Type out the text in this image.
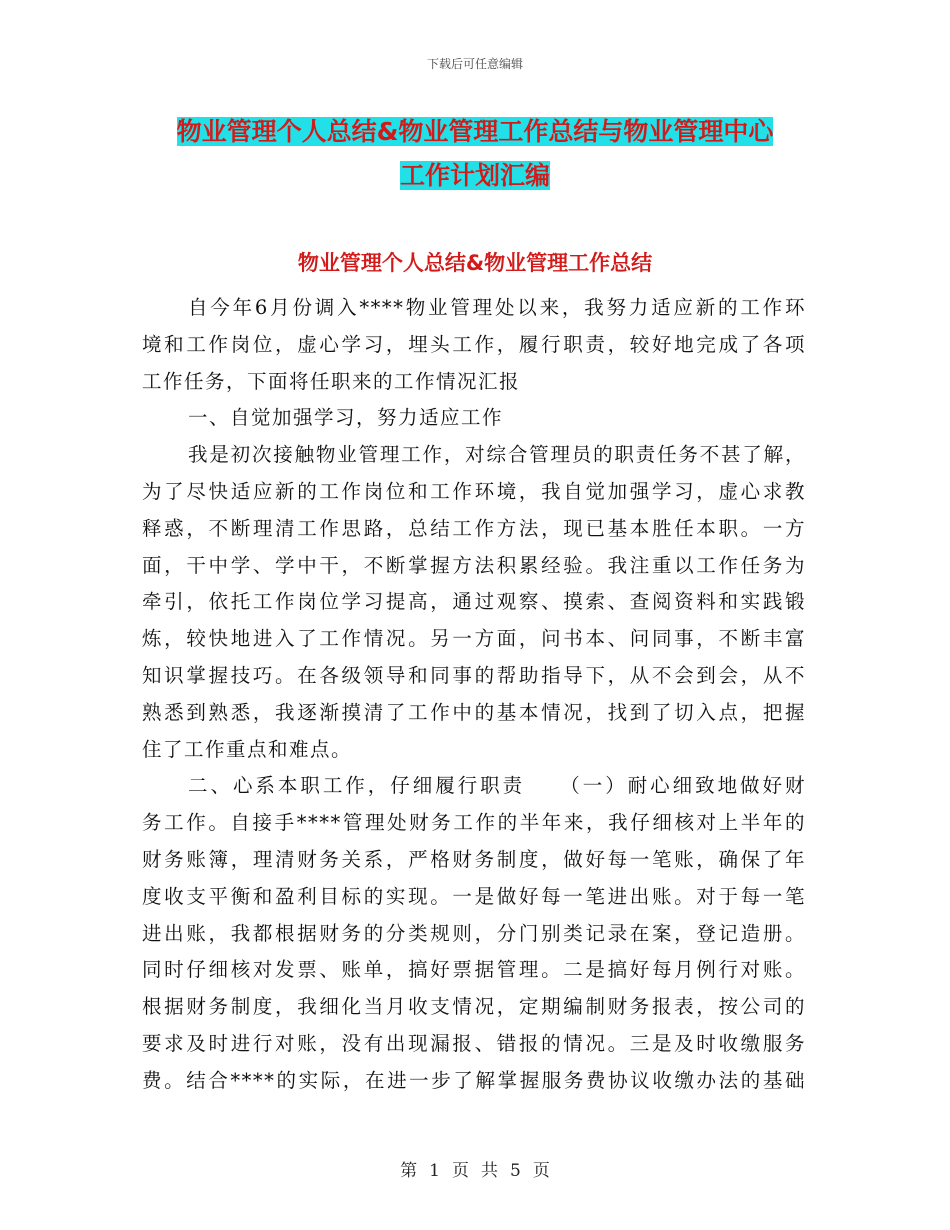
下载后可任意编辑
物业管理个人总结&物业管理工作总结与物业管理中心
工作计划汇编
物业管理个人总结&物业管理工作总结
自今年6月份调入****物业管理处以来，我努力适应新的工作环
境和工作岗位，虚心学习，埋头工作，履行职责，较好地完成了各项
工作任务，下面将任职来的工作情况汇报
一、自觉加强学习，努力适应工作
我是初次接触物业管理工作，对综合管理员的职责任务不甚了解，
为了尽快适应新的工作岗位和工作环境，我自觉加强学习，虚心求教
释惑，不断理清工作思路，总结工作方法，现已基本胜任本职。一方
面，干中学、学中干，不断掌握方法积累经验。我注重以工作任务为
牵引，依托工作岗位学习提高，通过观察、摸索、查阅资料和实践锻
炼，较快地进入了工作情况。另一方面，问书本、问同事，不断丰富
知识掌握技巧。在各级领导和同事的帮助指导下，从不会到会，从不
熟悉到熟悉，我逐渐摸清了工作中的基本情况，找到了切入点，把握
住了工作重点和难点。
二、心系本职工作，仔细履行职责　　（一）耐心细致地做好财
务工作。自接手****管理处财务工作的半年来，我仔细核对上半年的
财务账簿，理清财务关系，严格财务制度，做好每一笔账，确保了年
度收支平衡和盈利目标的实现。一是做好每一笔进出账。对于每一笔
进出账，我都根据财务的分类规则，分门别类记录在案，登记造册。
同时仔细核对发票、账单，搞好票据管理。二是搞好每月例行对账。
根据财务制度，我细化当月收支情况，定期编制财务报表，按公司的
要求及时进行对账，没有出现漏报、错报的情况。三是及时收缴服务
费。结合****的实际，在进一步了解掌握服务费协议收缴办法的基础
第 1 页 共 5 页
